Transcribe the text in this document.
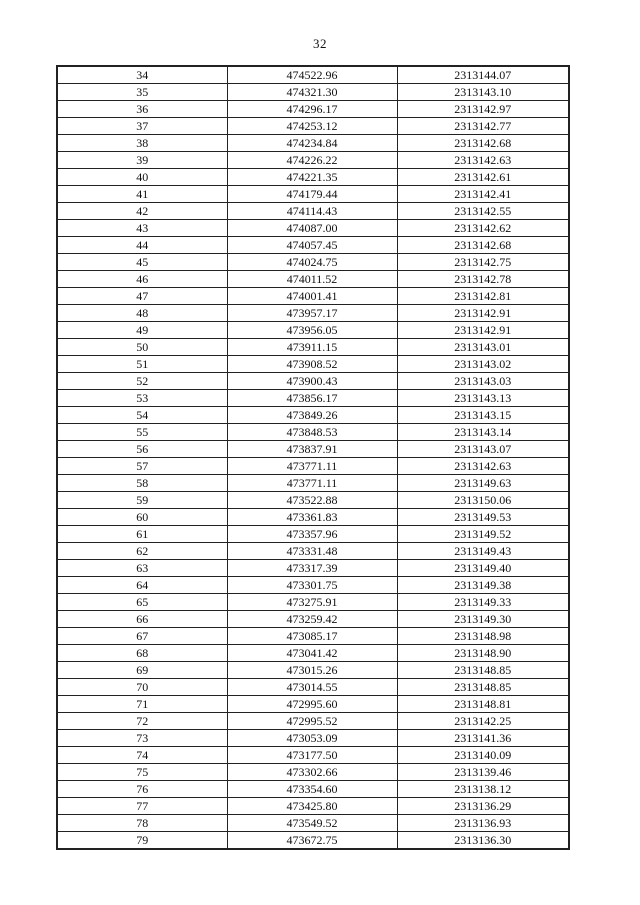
32
34	474522.96	2313144.07
35	474321.30	2313143.10
36	474296.17	2313142.97
37	474253.12	2313142.77
38	474234.84	2313142.68
39	474226.22	2313142.63
40	474221.35	2313142.61
41	474179.44	2313142.41
42	474114.43	2313142.55
43	474087.00	2313142.62
44	474057.45	2313142.68
45	474024.75	2313142.75
46	474011.52	2313142.78
47	474001.41	2313142.81
48	473957.17	2313142.91
49	473956.05	2313142.91
50	473911.15	2313143.01
51	473908.52	2313143.02
52	473900.43	2313143.03
53	473856.17	2313143.13
54	473849.26	2313143.15
55	473848.53	2313143.14
56	473837.91	2313143.07
57	473771.11	2313142.63
58	473771.11	2313149.63
59	473522.88	2313150.06
60	473361.83	2313149.53
61	473357.96	2313149.52
62	473331.48	2313149.43
63	473317.39	2313149.40
64	473301.75	2313149.38
65	473275.91	2313149.33
66	473259.42	2313149.30
67	473085.17	2313148.98
68	473041.42	2313148.90
69	473015.26	2313148.85
70	473014.55	2313148.85
71	472995.60	2313148.81
72	472995.52	2313142.25
73	473053.09	2313141.36
74	473177.50	2313140.09
75	473302.66	2313139.46
76	473354.60	2313138.12
77	473425.80	2313136.29
78	473549.52	2313136.93
79	473672.75	2313136.30
